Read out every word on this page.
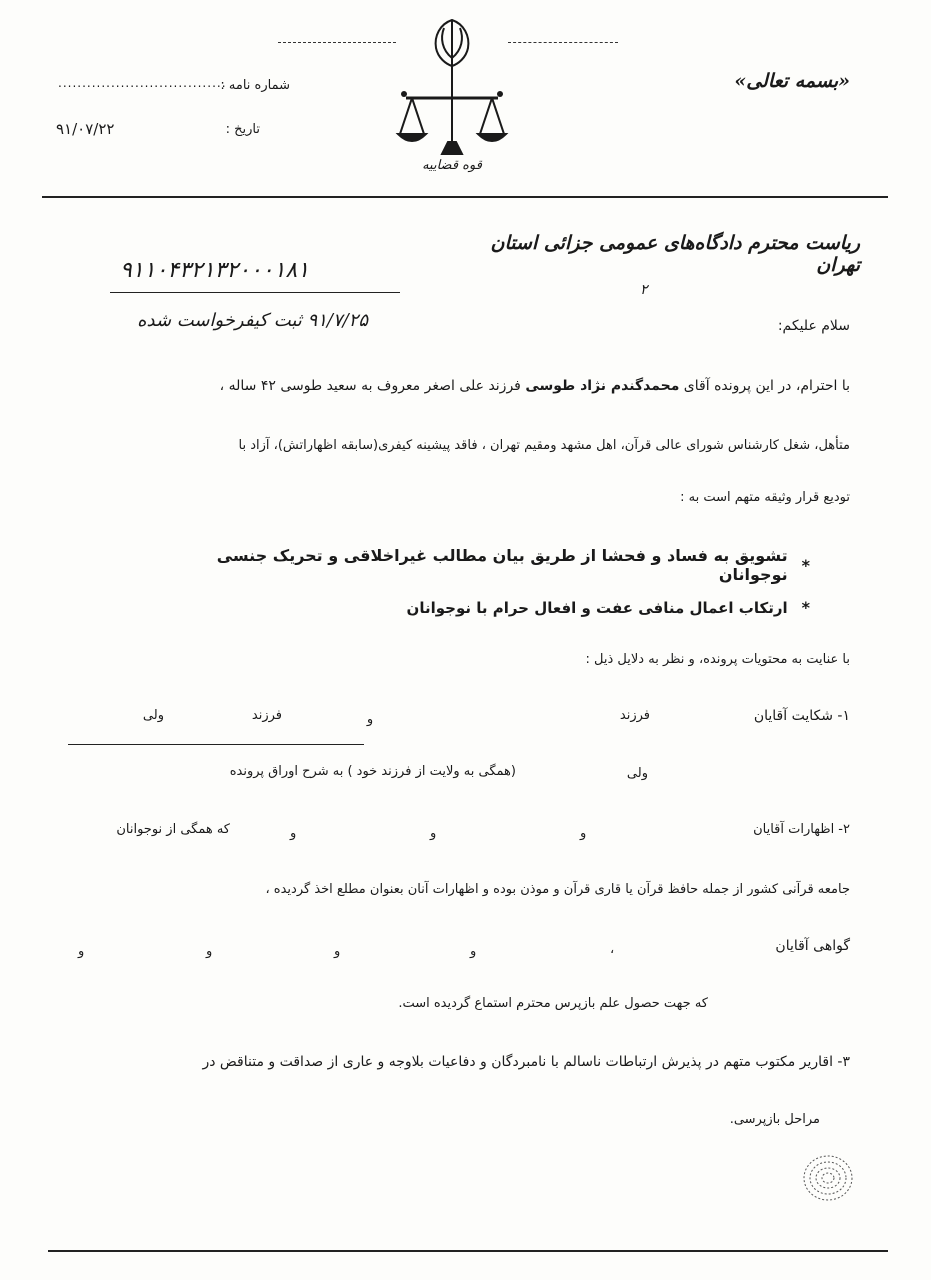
قوه قضاییه
«بسمه تعالی»
شماره نامه :
...................................
تاریخ :
۹۱/۰۷/۲۲
ریاست محترم دادگاه‌های عمومی جزائی استان تهران
۹۱۱۰۴۳۲۱۳۲۰۰۰۱۸۱
۹۱/۷/۲۵ ثبت کیفرخواست شده
۲
سلام علیکم:
با احترام، در این پرونده آقای محمدگندم نژاد طوسی فرزند علی اصغر معروف به سعید طوسی ۴۲ ساله ،
متأهل، شغل کارشناس شورای عالی قرآن، اهل مشهد ومقیم تهران ، فاقد پیشینه کیفری(سابقه اظهاراتش)، آزاد با
تودیع قرار وثیقه متهم است به :
*
تشویق به فساد و فحشا از طریق بیان مطالب غیراخلاقی و تحریک جنسی نوجوانان
*
ارتکاب اعمال منافی عفت و افعال حرام با نوجوانان
با عنایت به محتویات پرونده، و نظر به دلایل ذیل :
۱- شکایت آقایان
فرزند
و
فرزند
ولی
ولی
(همگی به ولایت از فرزند خود ) به شرح اوراق پرونده
۲- اظهارات آقایان
و
و
و
که همگی از نوجوانان
جامعه قرآنی کشور از جمله حافظ قرآن یا قاری قرآن و موذن بوده و اظهارات آنان بعنوان مطلع اخذ گردیده ،
گواهی آقایان
،
و
و
و
و
که جهت حصول علم بازپرس محترم استماع گردیده است.
۳- اقاریر مکتوب متهم در پذیرش ارتباطات ناسالم با نامبردگان و دفاعیات بلاوجه و عاری از صداقت و متناقض در
مراحل بازپرسی.
